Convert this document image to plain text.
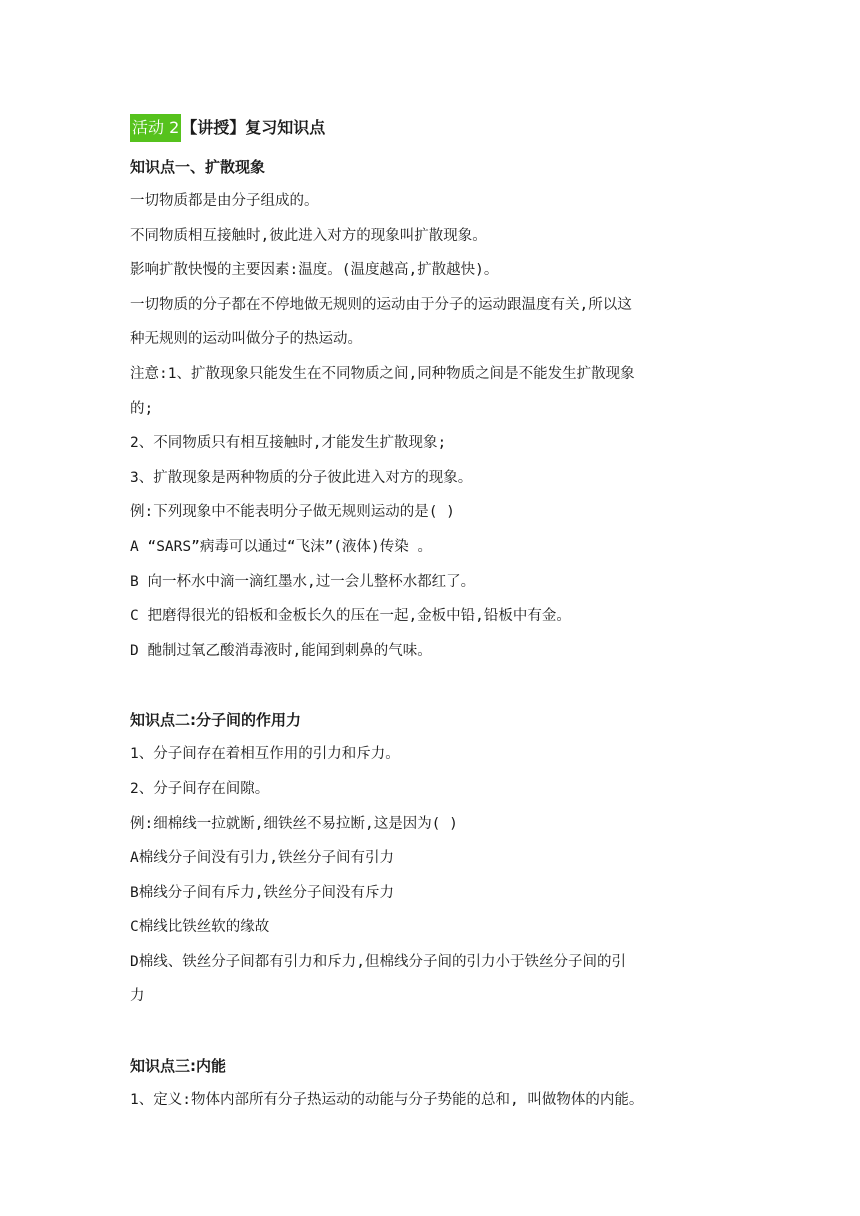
活动 2 【讲授】复习知识点
知识点一、扩散现象
一切物质都是由分子组成的。
不同物质相互接触时,彼此进入对方的现象叫扩散现象。
影响扩散快慢的主要因素:温度。(温度越高,扩散越快)。
一切物质的分子都在不停地做无规则的运动由于分子的运动跟温度有关,所以这
种无规则的运动叫做分子的热运动。
注意:1、扩散现象只能发生在不同物质之间,同种物质之间是不能发生扩散现象
的;
2、不同物质只有相互接触时,才能发生扩散现象;
3、扩散现象是两种物质的分子彼此进入对方的现象。
例:下列现象中不能表明分子做无规则运动的是( )
A “SARS”病毒可以通过“飞沫”(液体)传染 。
B 向一杯水中滴一滴红墨水,过一会儿整杯水都红了。
C 把磨得很光的铅板和金板长久的压在一起,金板中铅,铅板中有金。
D 酏制过氧乙酸消毒液时,能闻到刺鼻的气味。
知识点二:分子间的作用力
1、分子间存在着相互作用的引力和斥力。
2、分子间存在间隙。
例:细棉线一拉就断,细铁丝不易拉断,这是因为( )
A棉线分子间没有引力,铁丝分子间有引力
B棉线分子间有斥力,铁丝分子间没有斥力
C棉线比铁丝软的缘故
D棉线、铁丝分子间都有引力和斥力,但棉线分子间的引力小于铁丝分子间的引
力
知识点三:内能
1、定义:物体内部所有分子热运动的动能与分子势能的总和, 叫做物体的内能。
